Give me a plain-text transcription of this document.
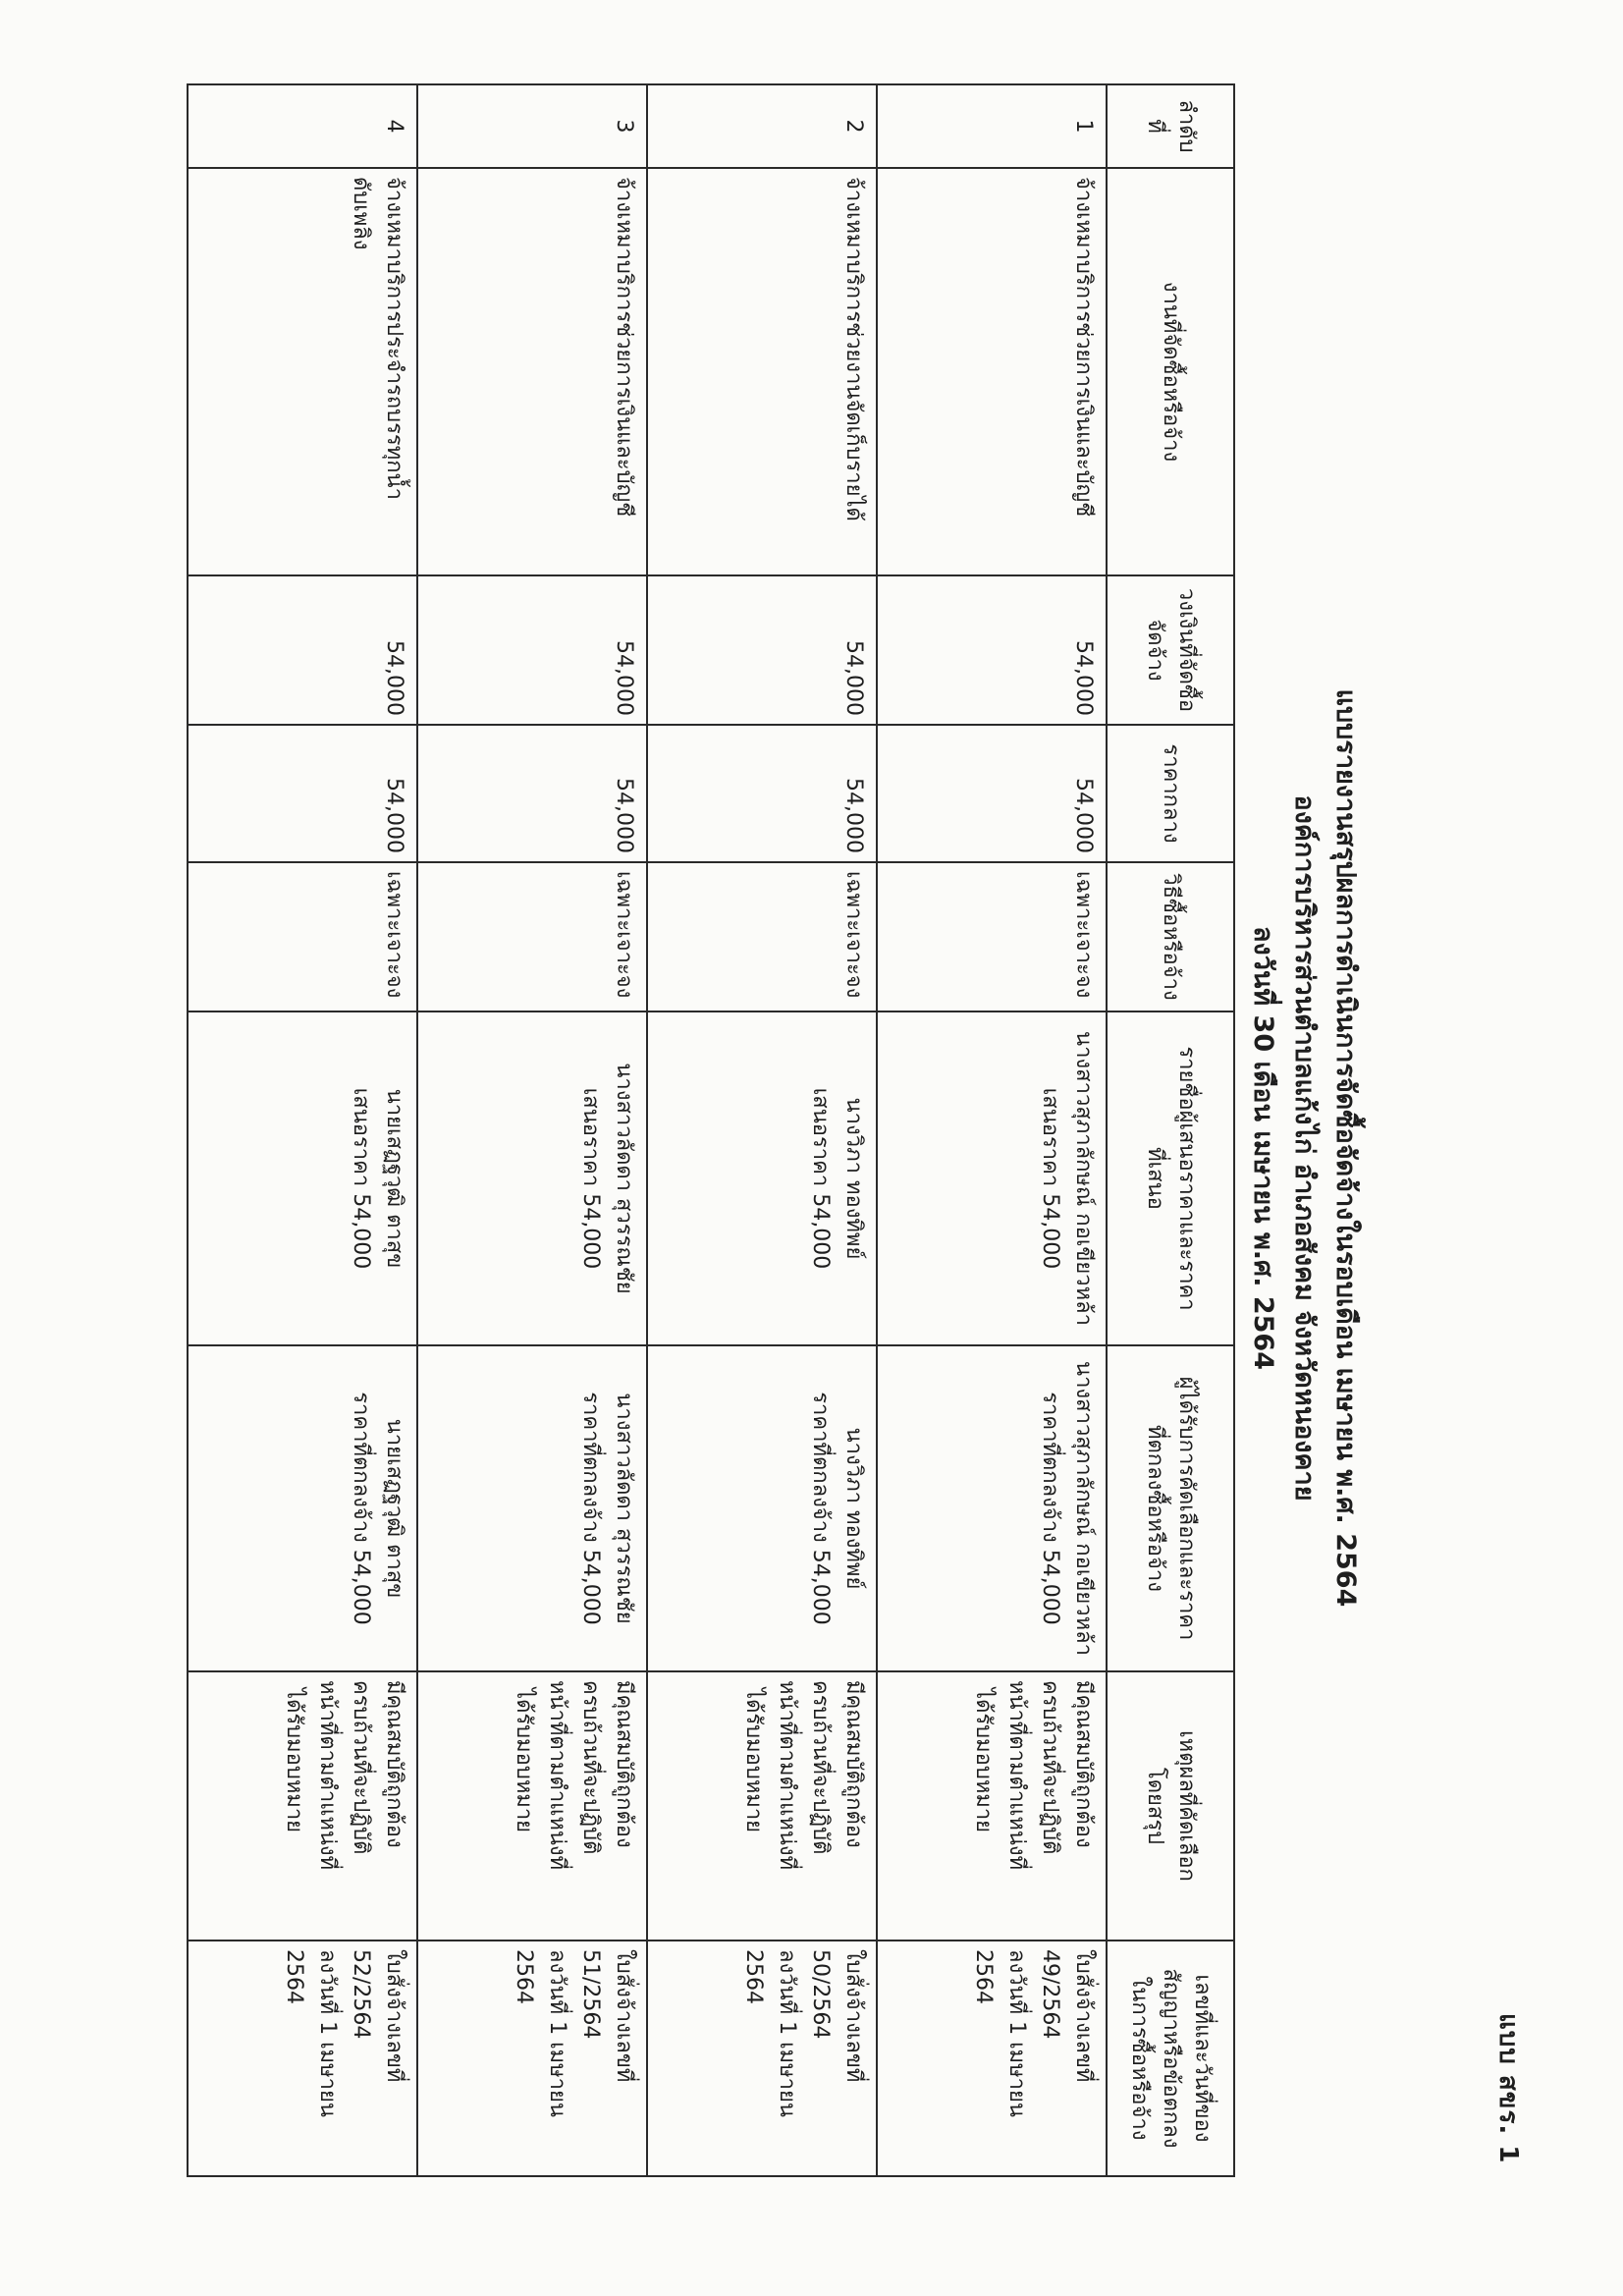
แบบ สขร. 1
แบบรายงานสรุปผลการดำเนินการจัดซื้อจัดจ้างในรอบเดือน เมษายน พ.ศ. 2564
องค์การบริหารส่วนตำบลแก้งไก่ อำเภอสังคม จังหวัดหนองคาย
ลงวันที่ 30 เดือน เมษายน พ.ศ. 2564
ลำดับที่	งานที่จัดซื้อหรือจ้าง	วงเงินที่จัดซื้อ
จัดจ้าง	ราคากลาง	วิธีซื้อหรือจ้าง	รายชื่อผู้เสนอราคาและราคา
ที่เสนอ	ผู้ได้รับการคัดเลือกและราคา
ที่ตกลงซื้อหรือจ้าง	เหตุผลที่คัดเลือก
โดยสรุป	เลขที่และวันที่ของ
สัญญาหรือข้อตกลง
ในการซื้อหรือจ้าง

1	จ้างเหมาบริการช่วยการเงินและบัญชี	54,000	54,000	เฉพาะเจาะจง	นางสาวสุภาลักษณ์ กอเขียวหล้า
เสนอราคา 54,000	นางสาวสุภาลักษณ์ กอเขียวหล้า
ราคาที่ตกลงจ้าง 54,000	มีคุณสมบัติถูกต้อง
ครบถ้วนที่จะปฏิบัติ
หน้าที่ตามตำแหน่งที่
ได้รับมอบหมาย	ใบสั่งจ้างเลขที่ 49/2564
ลงวันที่ 1 เมษายน 2564

2	จ้างเหมาบริการช่วยงานจัดเก็บรายได้	54,000	54,000	เฉพาะเจาะจง	นางวิภา ทองทิพย์
เสนอราคา 54,000	นางวิภา ทองทิพย์
ราคาที่ตกลงจ้าง 54,000	มีคุณสมบัติถูกต้อง
ครบถ้วนที่จะปฏิบัติ
หน้าที่ตามตำแหน่งที่
ได้รับมอบหมาย	ใบสั่งจ้างเลขที่ 50/2564
ลงวันที่ 1 เมษายน 2564

3	จ้างเหมาบริการช่วยการเงินและบัญชี	54,000	54,000	เฉพาะเจาะจง	นางสาวลัดดา สุวรรณชัย
เสนอราคา 54,000	นางสาวลัดดา สุวรรณชัย
ราคาที่ตกลงจ้าง 54,000	มีคุณสมบัติถูกต้อง
ครบถ้วนที่จะปฏิบัติ
หน้าที่ตามตำแหน่งที่
ได้รับมอบหมาย	ใบสั่งจ้างเลขที่ 51/2564
ลงวันที่ 1 เมษายน 2564

4	จ้างเหมาบริการประจำรถบรรทุกน้ำ
ดับเพลิง	54,000	54,000	เฉพาะเจาะจง	นายเสฏฐวุฒิ ตาสุข
เสนอราคา 54,000	นายเสฏฐวุฒิ ตาสุข
ราคาที่ตกลงจ้าง 54,000	มีคุณสมบัติถูกต้อง
ครบถ้วนที่จะปฏิบัติ
หน้าที่ตามตำแหน่งที่
ได้รับมอบหมาย	ใบสั่งจ้างเลขที่ 52/2564
ลงวันที่ 1 เมษายน 2564
